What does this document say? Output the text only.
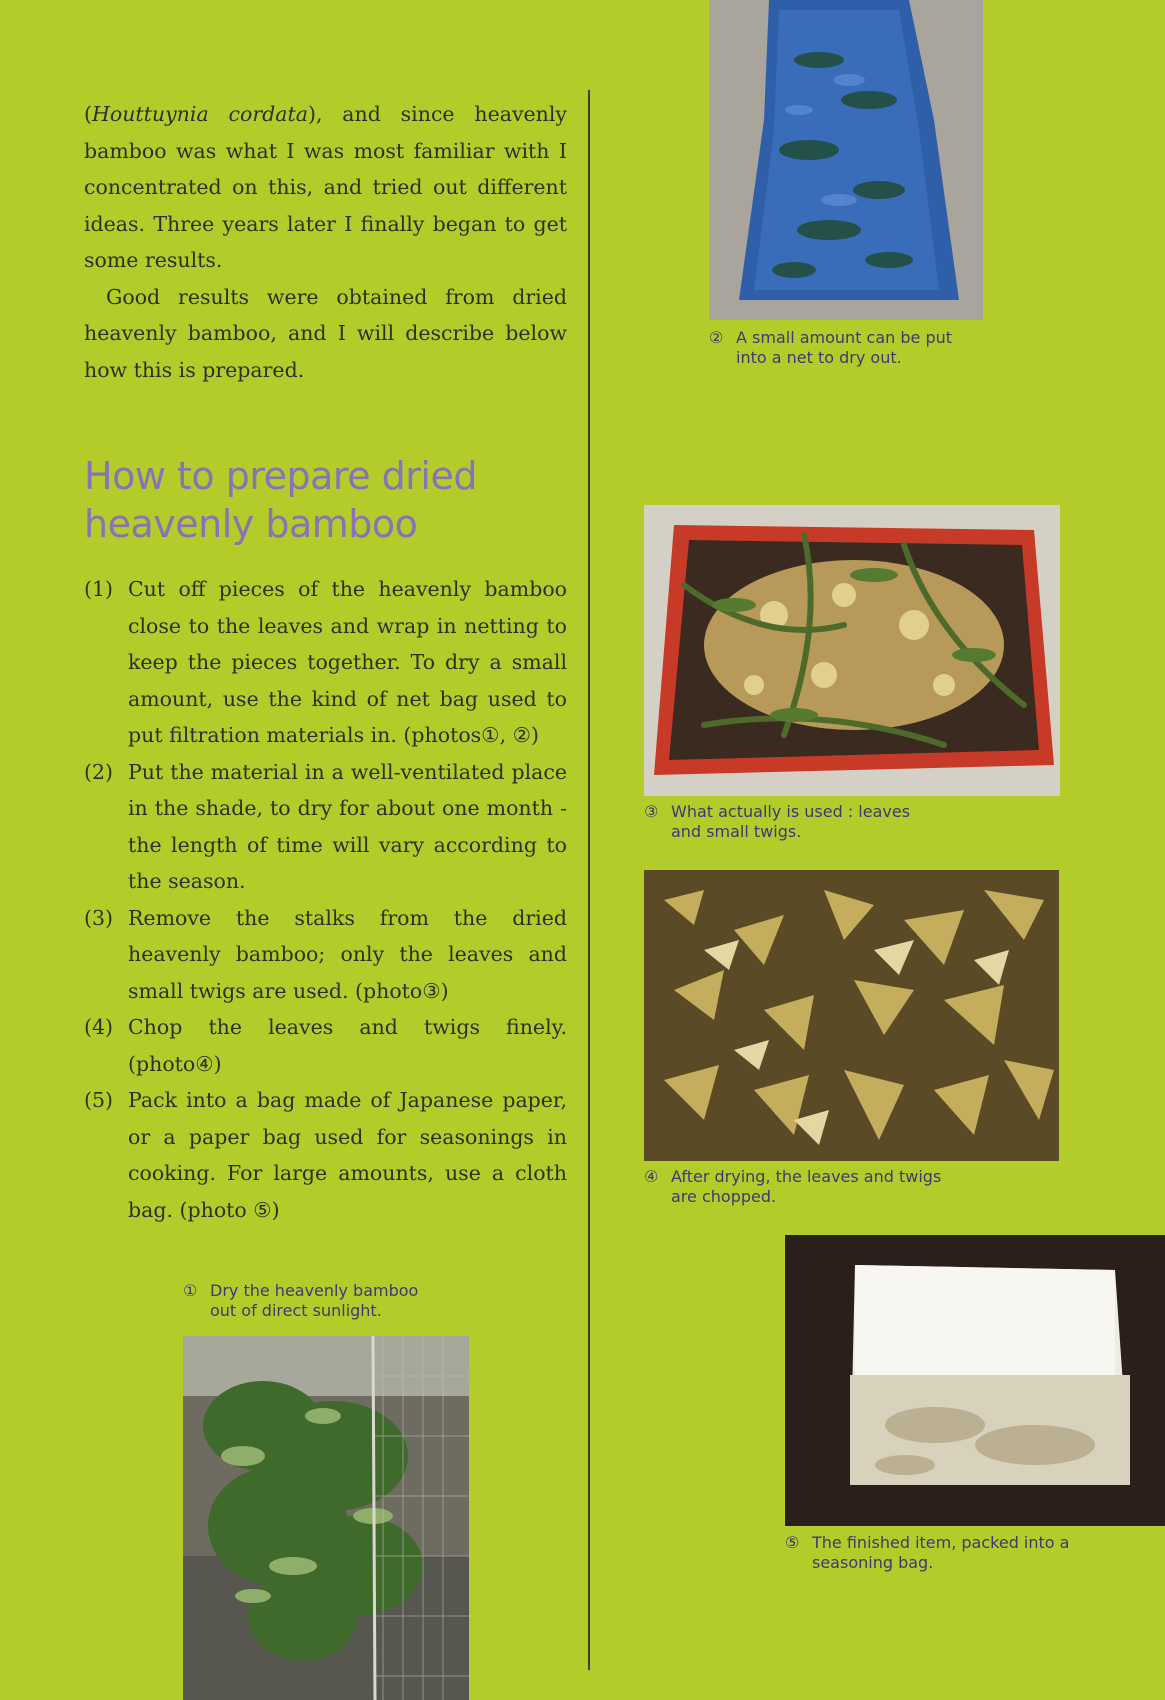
(Houttuynia cordata), and since heavenly bamboo was what I was most familiar with I concentrated on this, and tried out different ideas. Three years later I finally began to get some results.

Good results were obtained from dried heavenly bamboo, and I will describe below how this is prepared.

How to prepare dried heavenly bamboo
(1) Cut off pieces of the heavenly bamboo close to the leaves and wrap in netting to keep the pieces together. To dry a small amount, use the kind of net bag used to put filtration materials in. (photos①, ②)
(2) Put the material in a well-ventilated place in the shade, to dry for about one month - the length of time will vary according to the season.
(3) Remove the stalks from the dried heavenly bamboo; only the leaves and small twigs are used. (photo③)
(4) Chop the leaves and twigs finely. (photo④)
(5) Pack into a bag made of Japanese paper, or a paper bag used for seasonings in cooking. For large amounts, use a cloth bag. (photo ⑤)
① Dry the heavenly bamboo out of direct sunlight.
② A small amount can be put into a net to dry out.
③ What actually is used : leaves and small twigs.
④ After drying, the leaves and twigs are chopped.
⑤ The finished item, packed into a seasoning bag.
